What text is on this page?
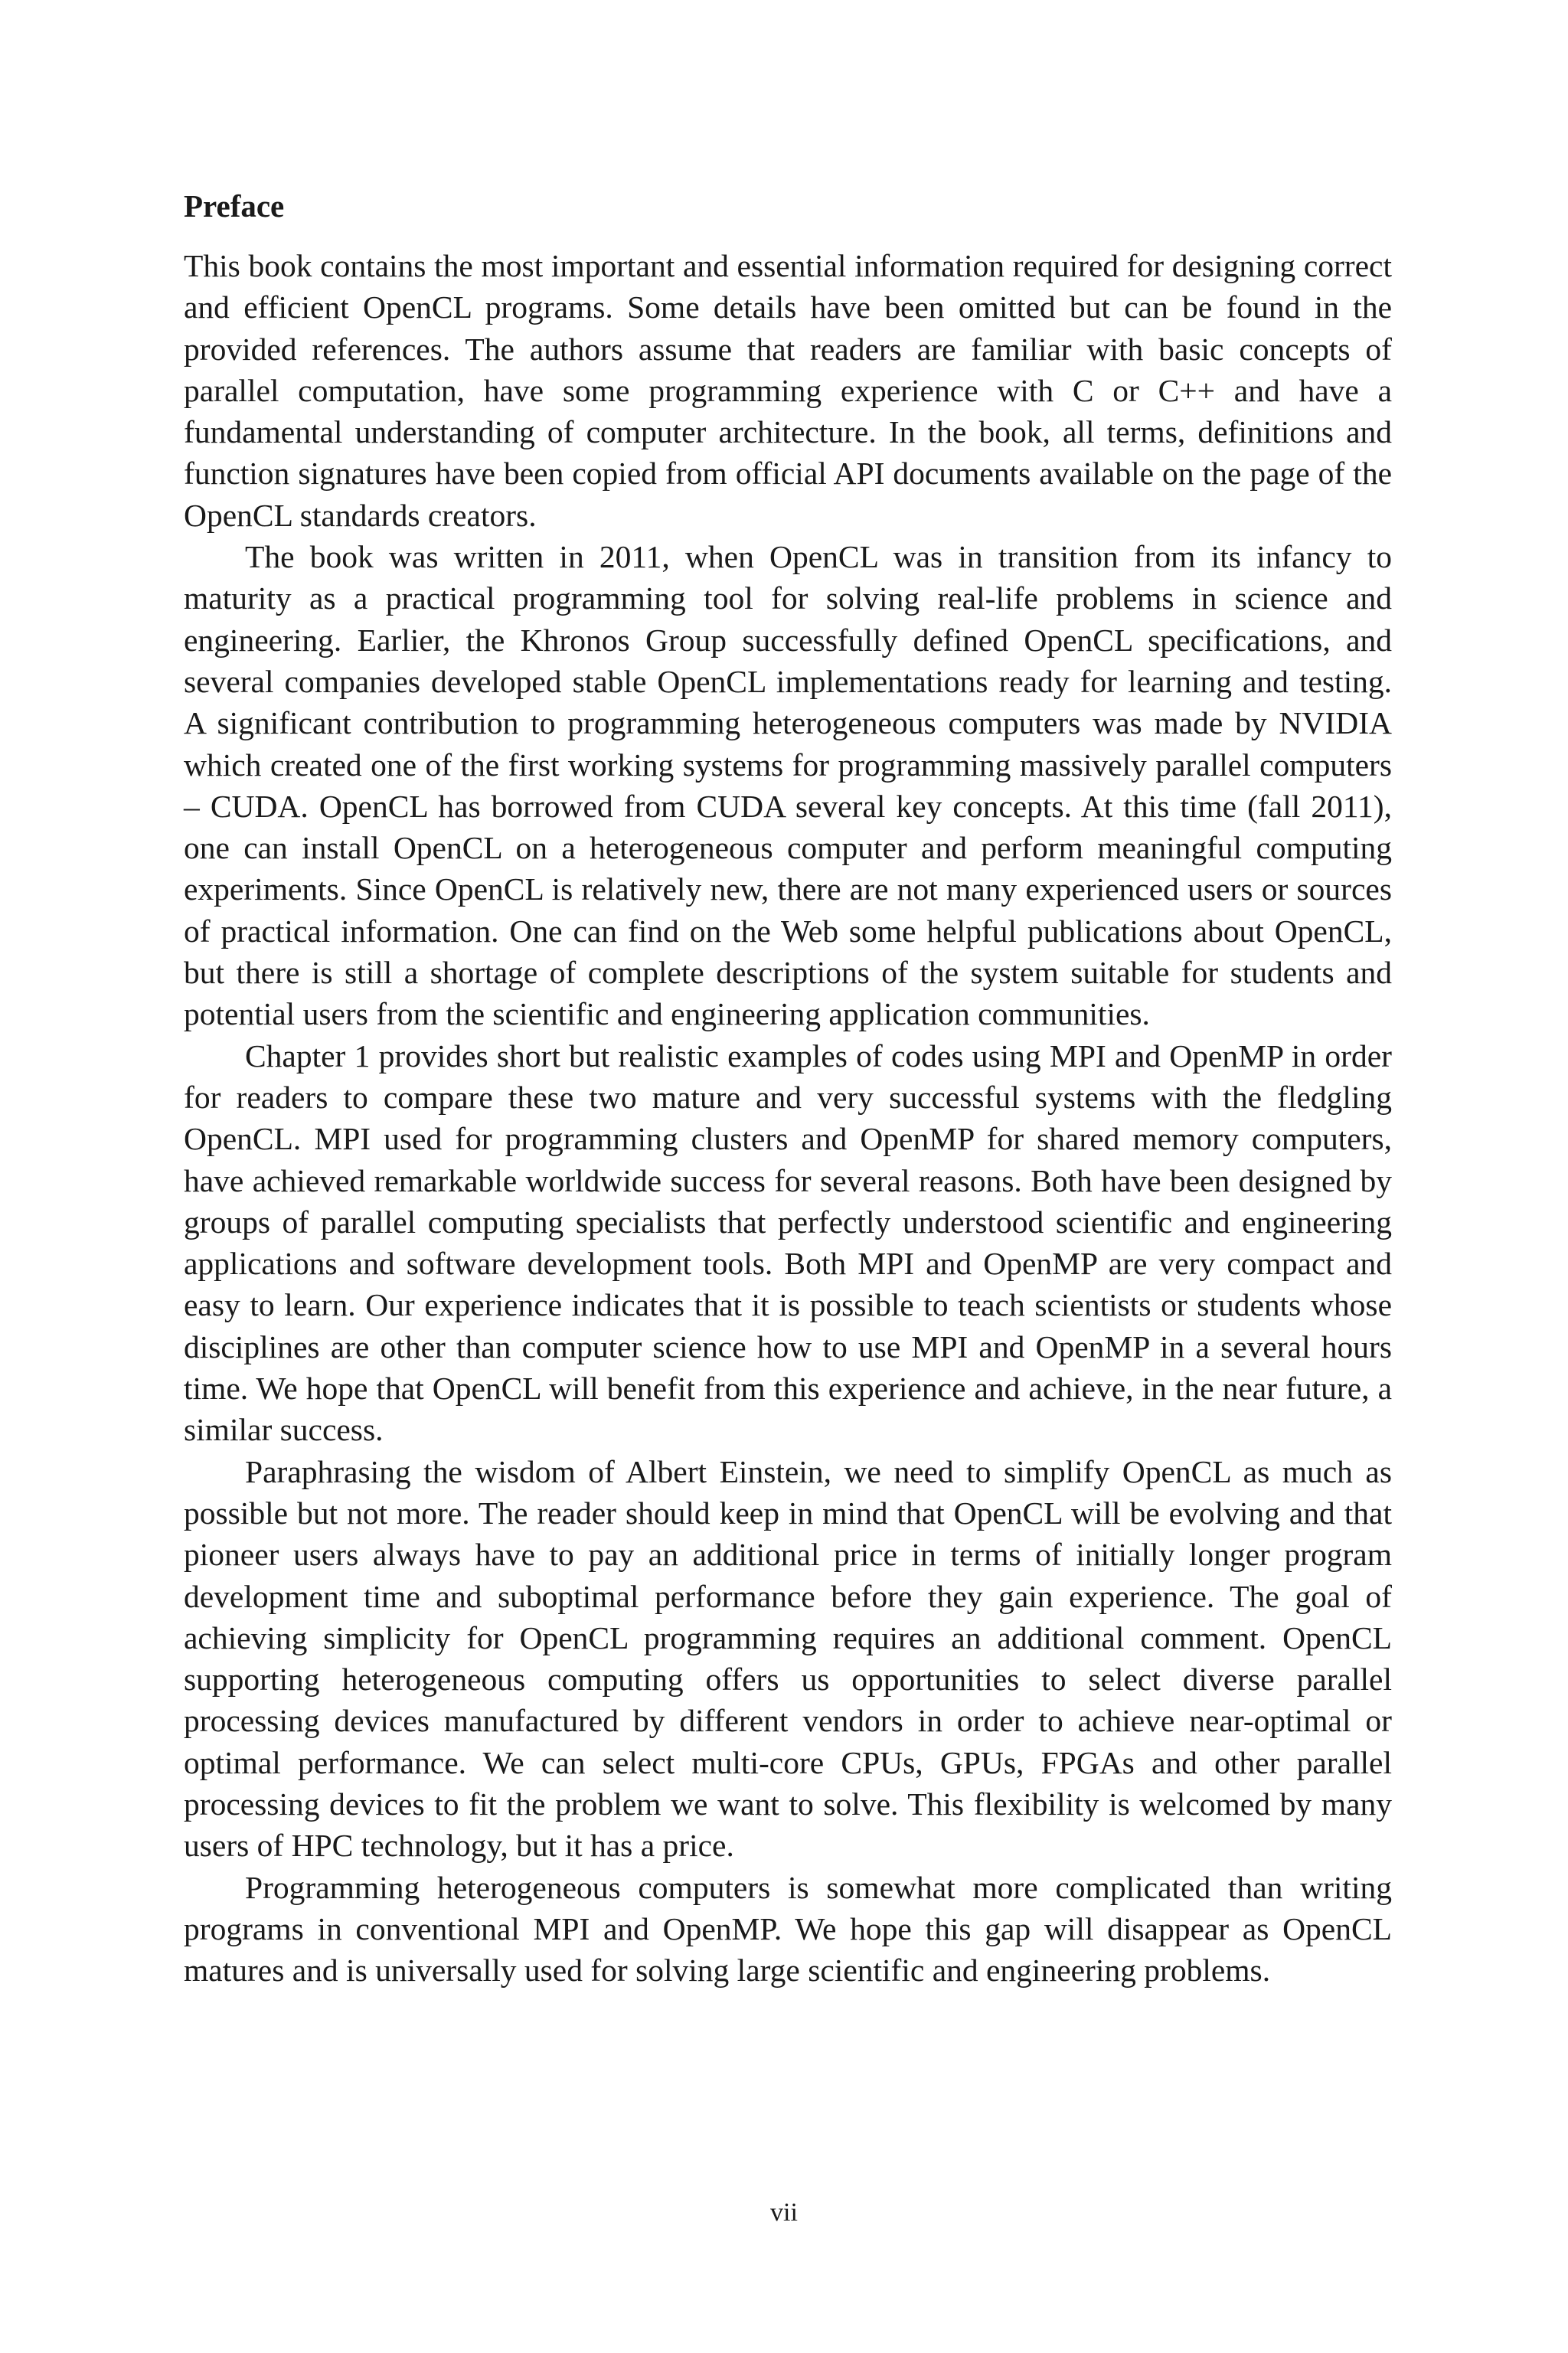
Preface

This book contains the most important and essential information required for designing correct and efficient OpenCL programs. Some details have been omitted but can be found in the provided references. The authors assume that readers are familiar with basic concepts of parallel computation, have some programming experience with C or C++ and have a fundamental understanding of computer architecture. In the book, all terms, definitions and function signatures have been copied from official API documents available on the page of the OpenCL standards creators.

The book was written in 2011, when OpenCL was in transition from its infancy to maturity as a practical programming tool for solving real-life problems in science and engineering. Earlier, the Khronos Group successfully defined OpenCL specifications, and several companies developed stable OpenCL implementations ready for learning and testing. A significant contribution to programming heterogeneous computers was made by NVIDIA which created one of the first working systems for programming massively parallel computers – CUDA. OpenCL has borrowed from CUDA several key concepts. At this time (fall 2011), one can install OpenCL on a heterogeneous computer and perform meaningful computing experiments. Since OpenCL is relatively new, there are not many experienced users or sources of practical information. One can find on the Web some helpful publications about OpenCL, but there is still a shortage of complete descriptions of the system suitable for students and potential users from the scientific and engineering application communities.

Chapter 1 provides short but realistic examples of codes using MPI and OpenMP in order for readers to compare these two mature and very successful systems with the fledgling OpenCL. MPI used for programming clusters and OpenMP for shared memory computers, have achieved remarkable worldwide success for several reasons. Both have been designed by groups of parallel computing specialists that perfectly understood scientific and engineering applications and software development tools. Both MPI and OpenMP are very compact and easy to learn. Our experience indicates that it is possible to teach scientists or students whose disciplines are other than computer science how to use MPI and OpenMP in a several hours time. We hope that OpenCL will benefit from this experience and achieve, in the near future, a similar success.

Paraphrasing the wisdom of Albert Einstein, we need to simplify OpenCL as much as possible but not more. The reader should keep in mind that OpenCL will be evolving and that pioneer users always have to pay an additional price in terms of initially longer program development time and suboptimal performance before they gain experience. The goal of achieving simplicity for OpenCL programming requires an additional comment. OpenCL supporting heterogeneous computing offers us opportunities to select diverse parallel processing devices manufactured by different vendors in order to achieve near-optimal or optimal performance. We can select multi-core CPUs, GPUs, FPGAs and other parallel processing devices to fit the problem we want to solve. This flexibility is welcomed by many users of HPC technology, but it has a price.

Programming heterogeneous computers is somewhat more complicated than writing programs in conventional MPI and OpenMP. We hope this gap will disappear as OpenCL matures and is universally used for solving large scientific and engineering problems.

vii
